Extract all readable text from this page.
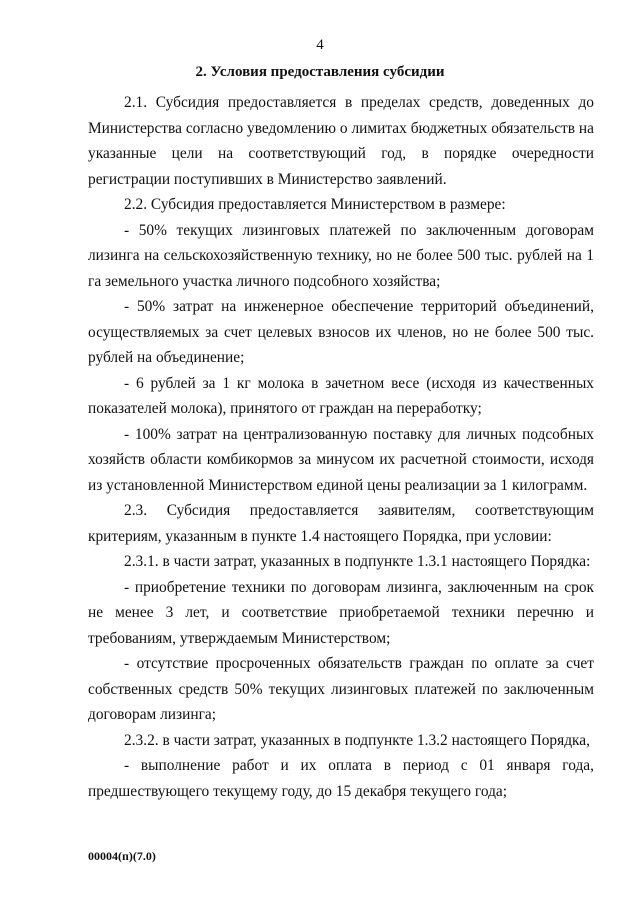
4
2. Условия предоставления субсидии

2.1. Субсидия предоставляется в пределах средств, доведенных до Министерства согласно уведомлению о лимитах бюджетных обязательств на указанные цели на соответствующий год, в порядке очередности регистрации поступивших в Министерство заявлений.

2.2. Субсидия предоставляется Министерством в размере:

- 50% текущих лизинговых платежей по заключенным договорам лизинга на сельскохозяйственную технику, но не более 500 тыс. рублей на 1 га земельного участка личного подсобного хозяйства;

- 50% затрат на инженерное обеспечение территорий объединений, осуществляемых за счет целевых взносов их членов, но не более 500 тыс. рублей на объединение;

- 6 рублей за 1 кг молока в зачетном весе (исходя из качественных показателей молока), принятого от граждан на переработку;

- 100% затрат на централизованную поставку для личных подсобных хозяйств области комбикормов за минусом их расчетной стоимости, исходя из установленной Министерством единой цены реализации за 1 килограмм.

2.3. Субсидия предоставляется заявителям, соответствующим критериям, указанным в пункте 1.4 настоящего Порядка, при условии:

2.3.1. в части затрат, указанных в подпункте 1.3.1 настоящего Порядка:

- приобретение техники по договорам лизинга, заключенным на срок не менее 3 лет, и соответствие приобретаемой техники перечню и требованиям, утверждаемым Министерством;

- отсутствие просроченных обязательств граждан по оплате за счет собственных средств 50% текущих лизинговых платежей по заключенным договорам лизинга;

2.3.2. в части затрат, указанных в подпункте 1.3.2 настоящего Порядка,

- выполнение работ и их оплата в период с 01 января года, предшествующего текущему году, до 15 декабря текущего года;

00004(п)(7.0)
